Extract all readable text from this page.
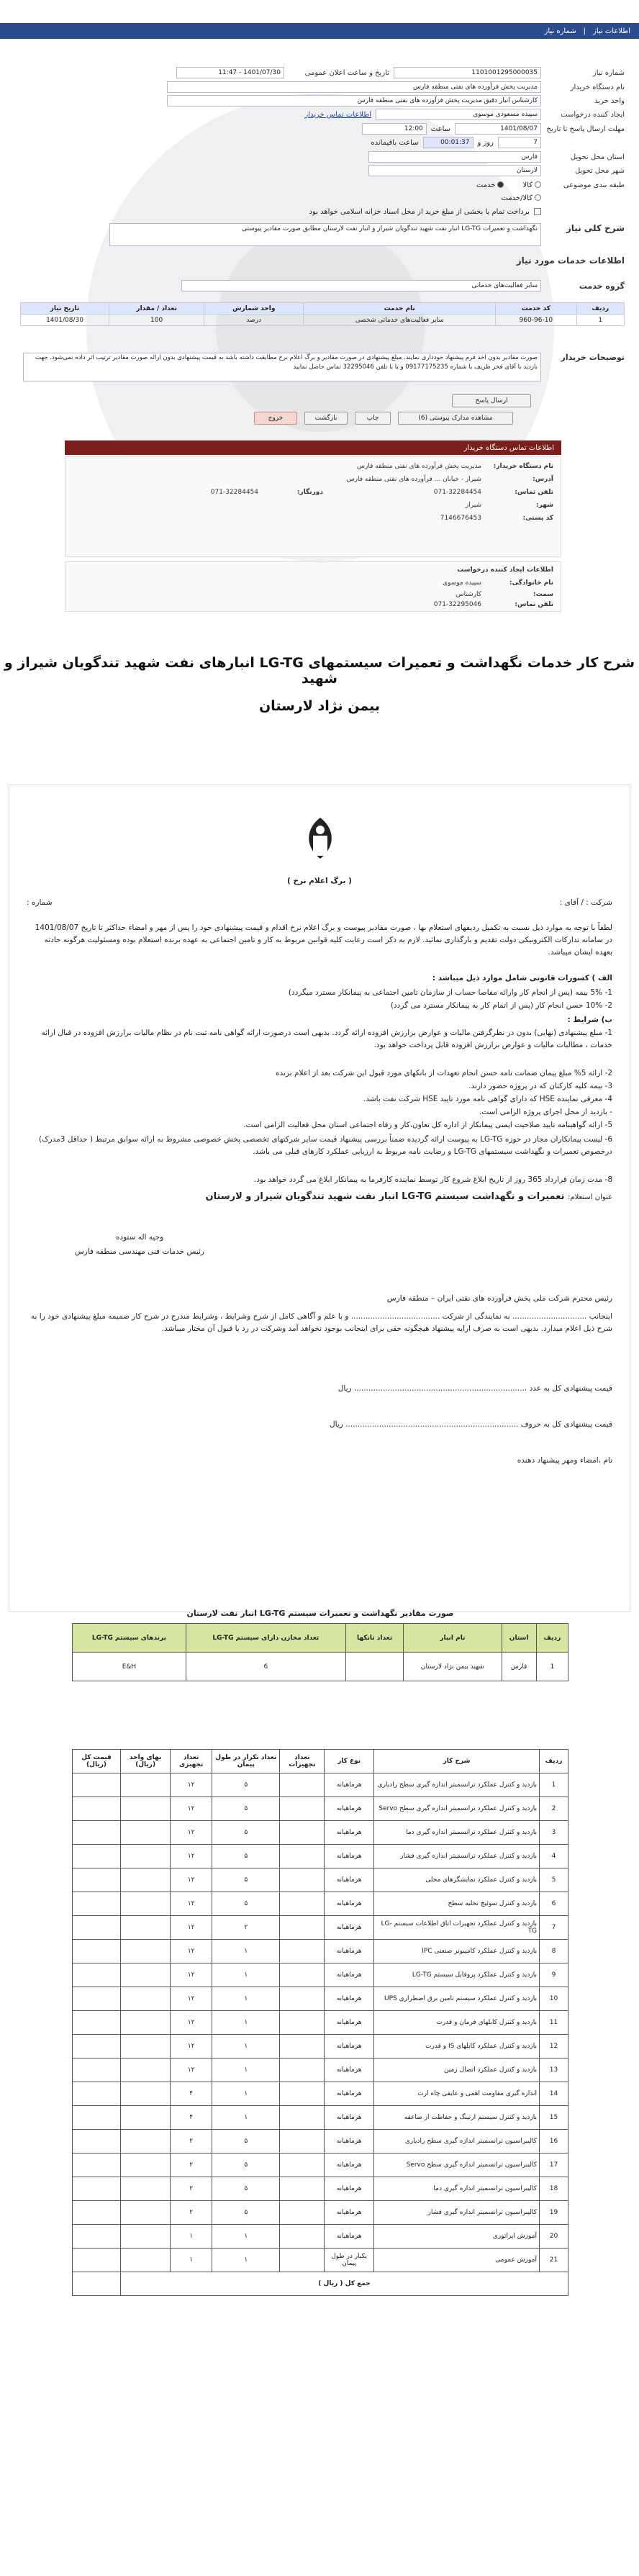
اطلاعات نیاز
|
شماره نیاز
شماره نیاز
1101001295000035
تاریخ و ساعت اعلان عمومی
1401/07/30 - 11:47
نام دستگاه خریدار
مدیریت پخش فرآورده های نفتی منطقه فارس
واحد خرید
کارشناس انبار دقیق مدیریت پخش فرآورده های نفتی منطقه فارس
ایجاد کننده درخواست
سپیده مسعودی موسوی
اطلاعات تماس خریدار
مهلت ارسال پاسخ تا تاریخ
1401/08/07
ساعت
12:00
7
روز و
00:01:37
ساعت باقیمانده
استان محل تحویل
فارس
شهر محل تحویل
لارستان
طبقه بندی موضوعی
کالا
خدمت
کالا/خدمت
برداخت تمام یا بخشی از مبلغ خرید از محل اسناد خزانه اسلامی خواهد بود
شرح کلی نیاز
نگهداشت و تعمیرات LG-TG انبار نفت شهید تندگویان شیراز و انبار نفت لارستان مطابق صورت مقادیر پیوستی
اطلاعات خدمات مورد نیاز
گروه خدمت
سایر فعالیت‌های خدماتی
ردیف	کد خدمت	نام خدمت	واحد شمارش	تعداد / مقدار	تاریخ نیاز
1	960-96-10	سایر فعالیت‌های خدماتی شخصی	درصد	100	1401/08/30
توضیحات خریدار
صورت مقادیر بدون اخذ فرم پیشنهاد خودداری نمایند. مبلغ پیشنهادی در صورت مقادیر و برگ اعلام نرخ مطابقت داشته باشد به قیمت پیشنهادی بدون ارائه صورت مقادیر ترتیب اثر داده نمی‌شود. جهت بازدید با آقای فخر ظریف با شماره 09177175235 و یا با تلفن 32295046 تماس حاصل نمایید
ارسال پاسخ
مشاهده مدارک پیوستی (6)
چاپ
بازگشت
خروج
اطلاعات تماس دستگاه خریدار
نام دستگاه خریدار:
مدیریت پخش فرآورده های نفتی منطقه فارس
آدرس:
شیراز - خیابان ... فرآورده های نفتی منطقه فارس
تلفن تماس:
071-32284454
دورنگار:
071-32284454
شهر:
شیراز
کد پستی:
7146676453
اطلاعات ایجاد کننده درخواست
نام خانوادگی:
سپیده موسوی
سمت:
کارشناس
تلفن تماس:
071-32295046
شرح کار خدمات نگهداشت و تعمیرات سیستمهای LG-TG انبارهای نفت شهید تندگویان شیراز و شهید
بیمن نژاد لارستان

( برگ اعلام نرخ )

شرکت : / آقای :

شماره :

لطفاً با توجه به موارد ذیل نسبت به تکمیل ردیفهای استعلام بها ، صورت مقادیر پیوست و برگ اعلام نرخ اقدام و قیمت پیشنهادی خود را پس از مهر و امضاء حداکثر تا تاریخ 1401/08/07 در سامانه تدارکات الکترونیکی دولت تقدیم و بارگذاری نمائید. لازم به ذکر است رعایت کلیه قوانین مربوط به کار و تامین اجتماعی به عهده برنده استعلام بوده ومسئولیت هرگونه حادثه بعهده ایشان میباشد.

الف ) کسورات قانونی شامل موارد ذیل میباشد :

1- 5% بیمه (پس از انجام کار وارائه مفاصا حساب از سازمان تامین اجتماعی به پیمانکار مسترد میگردد)

2- 10% حسن انجام کار (پس از اتمام کار به پیمانکار مسترد می گردد)

ب) شرایط :

1- مبلغ پیشنهادی (نهایی) بدون در نظرگرفتن مالیات و عوارض برارزش افزوده ارائه گردد. بدیهی است درصورت ارائه گواهی نامه ثبت نام در نظام مالیات برارزش افزوده در قبال ارائه خدمات ، مطالبات مالیات و عوارض برارزش افزوده قابل پرداخت خواهد بود.

2- ارائه 5% مبلغ پیمان ضمانت نامه حسن انجام تعهدات از بانکهای مورد قبول این شرکت بعد از اعلام برنده

3- بیمه کلیه کارکنان که در پروژه حضور دارند.

4- معرفی نماینده HSE که دارای گواهی نامه مورد تایید HSE شرکت نفت باشد.

- بازدید از محل اجرای پروژه الزامی است.

5- ارائه گواهینامه تایید صلاحیت ایمنی پیمانکار از اداره کل تعاون،کار و رفاه اجتماعی استان محل فعالیت الزامی است.

6- لیست پیمانکاران مجاز در حوزه LG-TG به پیوست ارائه گردیده ضمناً بررسی پیشنهاد قیمت سایر شرکتهای تخصصی پخش خصوصی مشروط به ارائه سوابق مرتبط ( حداقل 3مدرک) درخصوص تعمیرات و نگهداشت سیستمهای LG-TG و رضایت نامه مربوط به ارزیابی عملکرد کارهای قبلی می باشد.

8- مدت زمان قرارداد 365 روز از تاریخ ابلاغ شروع کار توسط نماینده کارفرما به پیمانکار ابلاغ می گردد خواهد بود.

عنوان استعلام: تعمیرات و نگهداشت سیستم LG-TG انبار نفت شهید تندگویان شیراز و لارستان

وجیه اله ستوده

رئیس خدمات فنی مهندسی منطقه فارس

رئیس محترم شرکت ملی پخش فرآورده های نفتی ایران – منطقه فارس

اینجانب ............................... به نمایندگی از شرکت ..................................... و با علم و آگاهی کامل از شرح وشرایط ، وشرایط مندرج در شرح کار ضمیمه مبلغ پیشنهادی خود را به شرح ذیل اعلام میدارد. بدیهی است به صرف ارایه پیشنهاد هیچگونه حقی برای اینجانب بوجود نخواهد آمد وشرکت در رد یا قبول آن مختار میباشد.

قیمت پیشنهادی کل به عدد ........................................................................ ریال

قیمت پیشنهادی کل به حروف ........................................................................ ریال

نام ،امضاء ومهر پیشنهاد دهنده

صورت مقادیر نگهداشت و تعمیرات سیستم LG-TG انبار نفت لارستان
ردیف	استان	نام انبار	تعداد تانکها	تعداد مخازن دارای سیستم LG-TG	برندهای سیستم LG-TG
1	فارس	شهید بیمن نژاد لارستان		6	E&H
ردیف	شرح کار	نوع کار	تعداد تجهیزات	تعداد تکرار در طول پیمان	تعداد تجهیزی	بهای واحد (ریال)	قیمت کل (ریال)
1	بازدید و کنترل عملکرد ترانسمیتر اندازه گیری سطح رادیاری	هرماهیانه		۵	۱۲		
2	بازدید و کنترل عملکرد ترانسمیتر اندازه گیری سطح Servo	هرماهیانه		۵	۱۲		
3	بازدید و کنترل عملکرد ترانسمیتر اندازه گیری دما	هرماهیانه		۵	۱۲		
4	بازدید و کنترل عملکرد ترانسمیتر اندازه گیری فشار	هرماهیانه		۵	۱۲		
5	بازدید و کنترل عملکرد نمایشگرهای محلی	هرماهیانه		۵	۱۲		
6	بازدید و کنترل سوئیچ تخلیه سطح	هرماهیانه		۵	۱۲		
7	بازدید و کنترل عملکرد تجهیزات اتاق اطلاعات سیستم LG-TG	هرماهیانه		۲	۱۲		
8	بازدید و کنترل عملکرد کامپیوتر صنعتی IPC	هرماهیانه		۱	۱۲		
9	بازدید و کنترل عملکرد پروفایل سیستم LG-TG	هرماهیانه		۱	۱۲		
10	بازدید و کنترل عملکرد سیستم تامین برق اضطراری UPS	هرماهیانه		۱	۱۲		
11	بازدید و کنترل کابلهای فرمان و قدرت	هرماهیانه		۱	۱۲		
12	بازدید و کنترل عملکرد کابلهای IS و قدرت	هرماهیانه		۱	۱۲		
13	بازدید و کنترل عملکرد اتصال زمین	هرماهیانه		۱	۱۲		
14	اندازه گیری مقاومت اهمی و عایقی چاه ارت	هرماهیانه		۱	۴		
15	بازدید و کنترل سیستم ارتینگ و حفاظت از صاعقه	هرماهیانه		۱	۴		
16	کالیبراسیون ترانسمیتر اندازه گیری سطح رادیاری	هرماهیانه		۵	۲		
17	کالیبراسیون ترانسمیتر اندازه گیری سطح Servo	هرماهیانه		۵	۲		
18	کالیبراسیون ترانسمیتر اندازه گیری دما	هرماهیانه		۵	۲		
19	کالیبراسیون ترانسمیتر اندازه گیری فشار	هرماهیانه		۵	۲		
20	آموزش اپراتوری	هرماهیانه		۱	۱		
21	آموزش عمومی	یکبار در طول پیمان		۱	۱		
جمع کل ( ریال )							
